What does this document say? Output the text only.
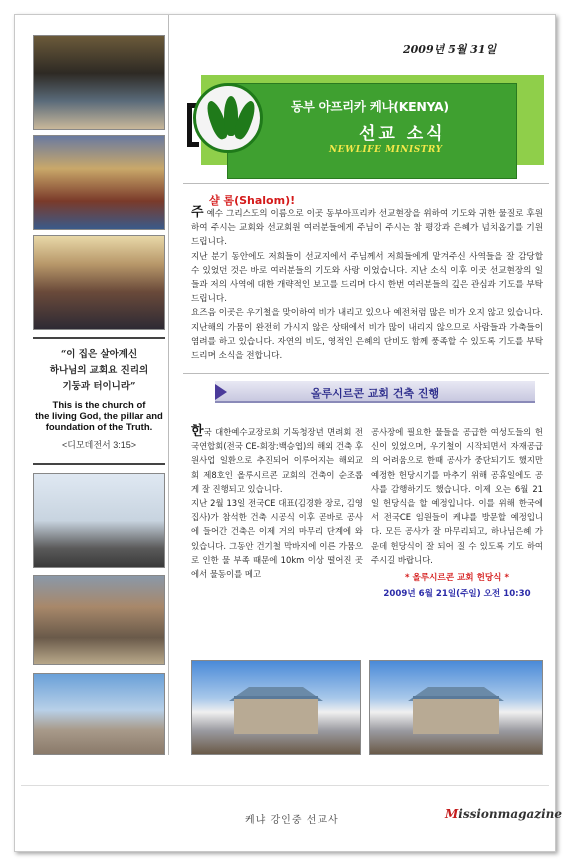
“이 집은 살아계신
하나님의 교회요 진리의
기둥과 터이니라”
This is the church of
the living God, the pillar and
foundation of the Truth.
<디모데전서 3:15>
2009년 5월 31일
동부 아프리카 케냐(KENYA)
선교 소식
NEWLIFE MINISTRY
샬 롬(Shalom)!

주 예수 그리스도의 이름으로 이곳 동부아프리카 선교현장을 위하여 기도와 귀한 물질로 후원하여 주시는 교회와 선교회원 여러분들에게 주님이 주시는 참 평강과 은혜가 넘치옵기를 기원 드립니다.

지난 분기 동안에도 저희들이 선교지에서 주님께서 저희들에게 맡겨주신 사역들을 잘 감당할 수 있었던 것은 바로 여러분들의 기도와 사랑 이었습니다. 지난 소식 이후 이곳 선교현장의 일들과 저의 사역에 대한 개략적인 보고를 드리며 다시 한번 여러분들의 깊은 관심과 기도를 부탁 드립니다.

요즈음 이곳은 우기철을 맞이하여 비가 내리고 있으나 예전처럼 많은 비가 오지 않고 있습니다. 지난해의 가뭄이 완전히 가시지 않은 상태에서 비가 많이 내리지 않으므로 사람들과 가축들이 염려를 하고 있습니다. 자연의 비도, 영적인 은혜의 단비도 함께 풍족할 수 있도록 기도를 부탁 드리며 소식을 전합니다.

올루시르콘 교회 건축 진행

한국 대한예수교장로회 기독청장년 면려회 전국연합회(전국 CE-회장:백승엽)의 해외 건축 후원사업 일환으로 추진되어 이루어지는 해외교회 제8호인 올루시르콘 교회의 건축이 순조롭게 잘 진행되고 있습니다.

지난 2월 13일 전국CE 대표(김경환 장로, 김영 집사)가 참석한 건축 시공식 이후 곧바로 공사에 들어간 건축은 이제 거의 마무리 단계에 와 있습니다. 그동안 건기철 막바지에 이른 가뭄으로 인한 물 부족 때문에 10km 이상 떨어진 곳에서 물동이를 메고

공사장에 필요한 물들을 공급한 여성도들의 헌신이 있었으며, 우기철이 시작되면서 자재공급의 어려움으로 한때 공사가 중단되기도 했지만 예정한 헌당시기를 마추기 위해 공휴일에도 공사를 감행하기도 했습니다. 이제 오는 6월 21일 헌당식을 할 예정입니다. 이를 위해 한국에서 전국CE 임원들이 케냐를 방문할 예정입니다. 모든 공사가 잘 마무리되고, 하나님은혜 가운데 헌당식이 잘 되어 질 수 있도록 기도 하여 주시길 바랍니다.

* 올루시르콘 교회 헌당식 *
2009년 6월 21일(주일) 오전 10:30
케냐 강인중 선교사	Missionmagazine
